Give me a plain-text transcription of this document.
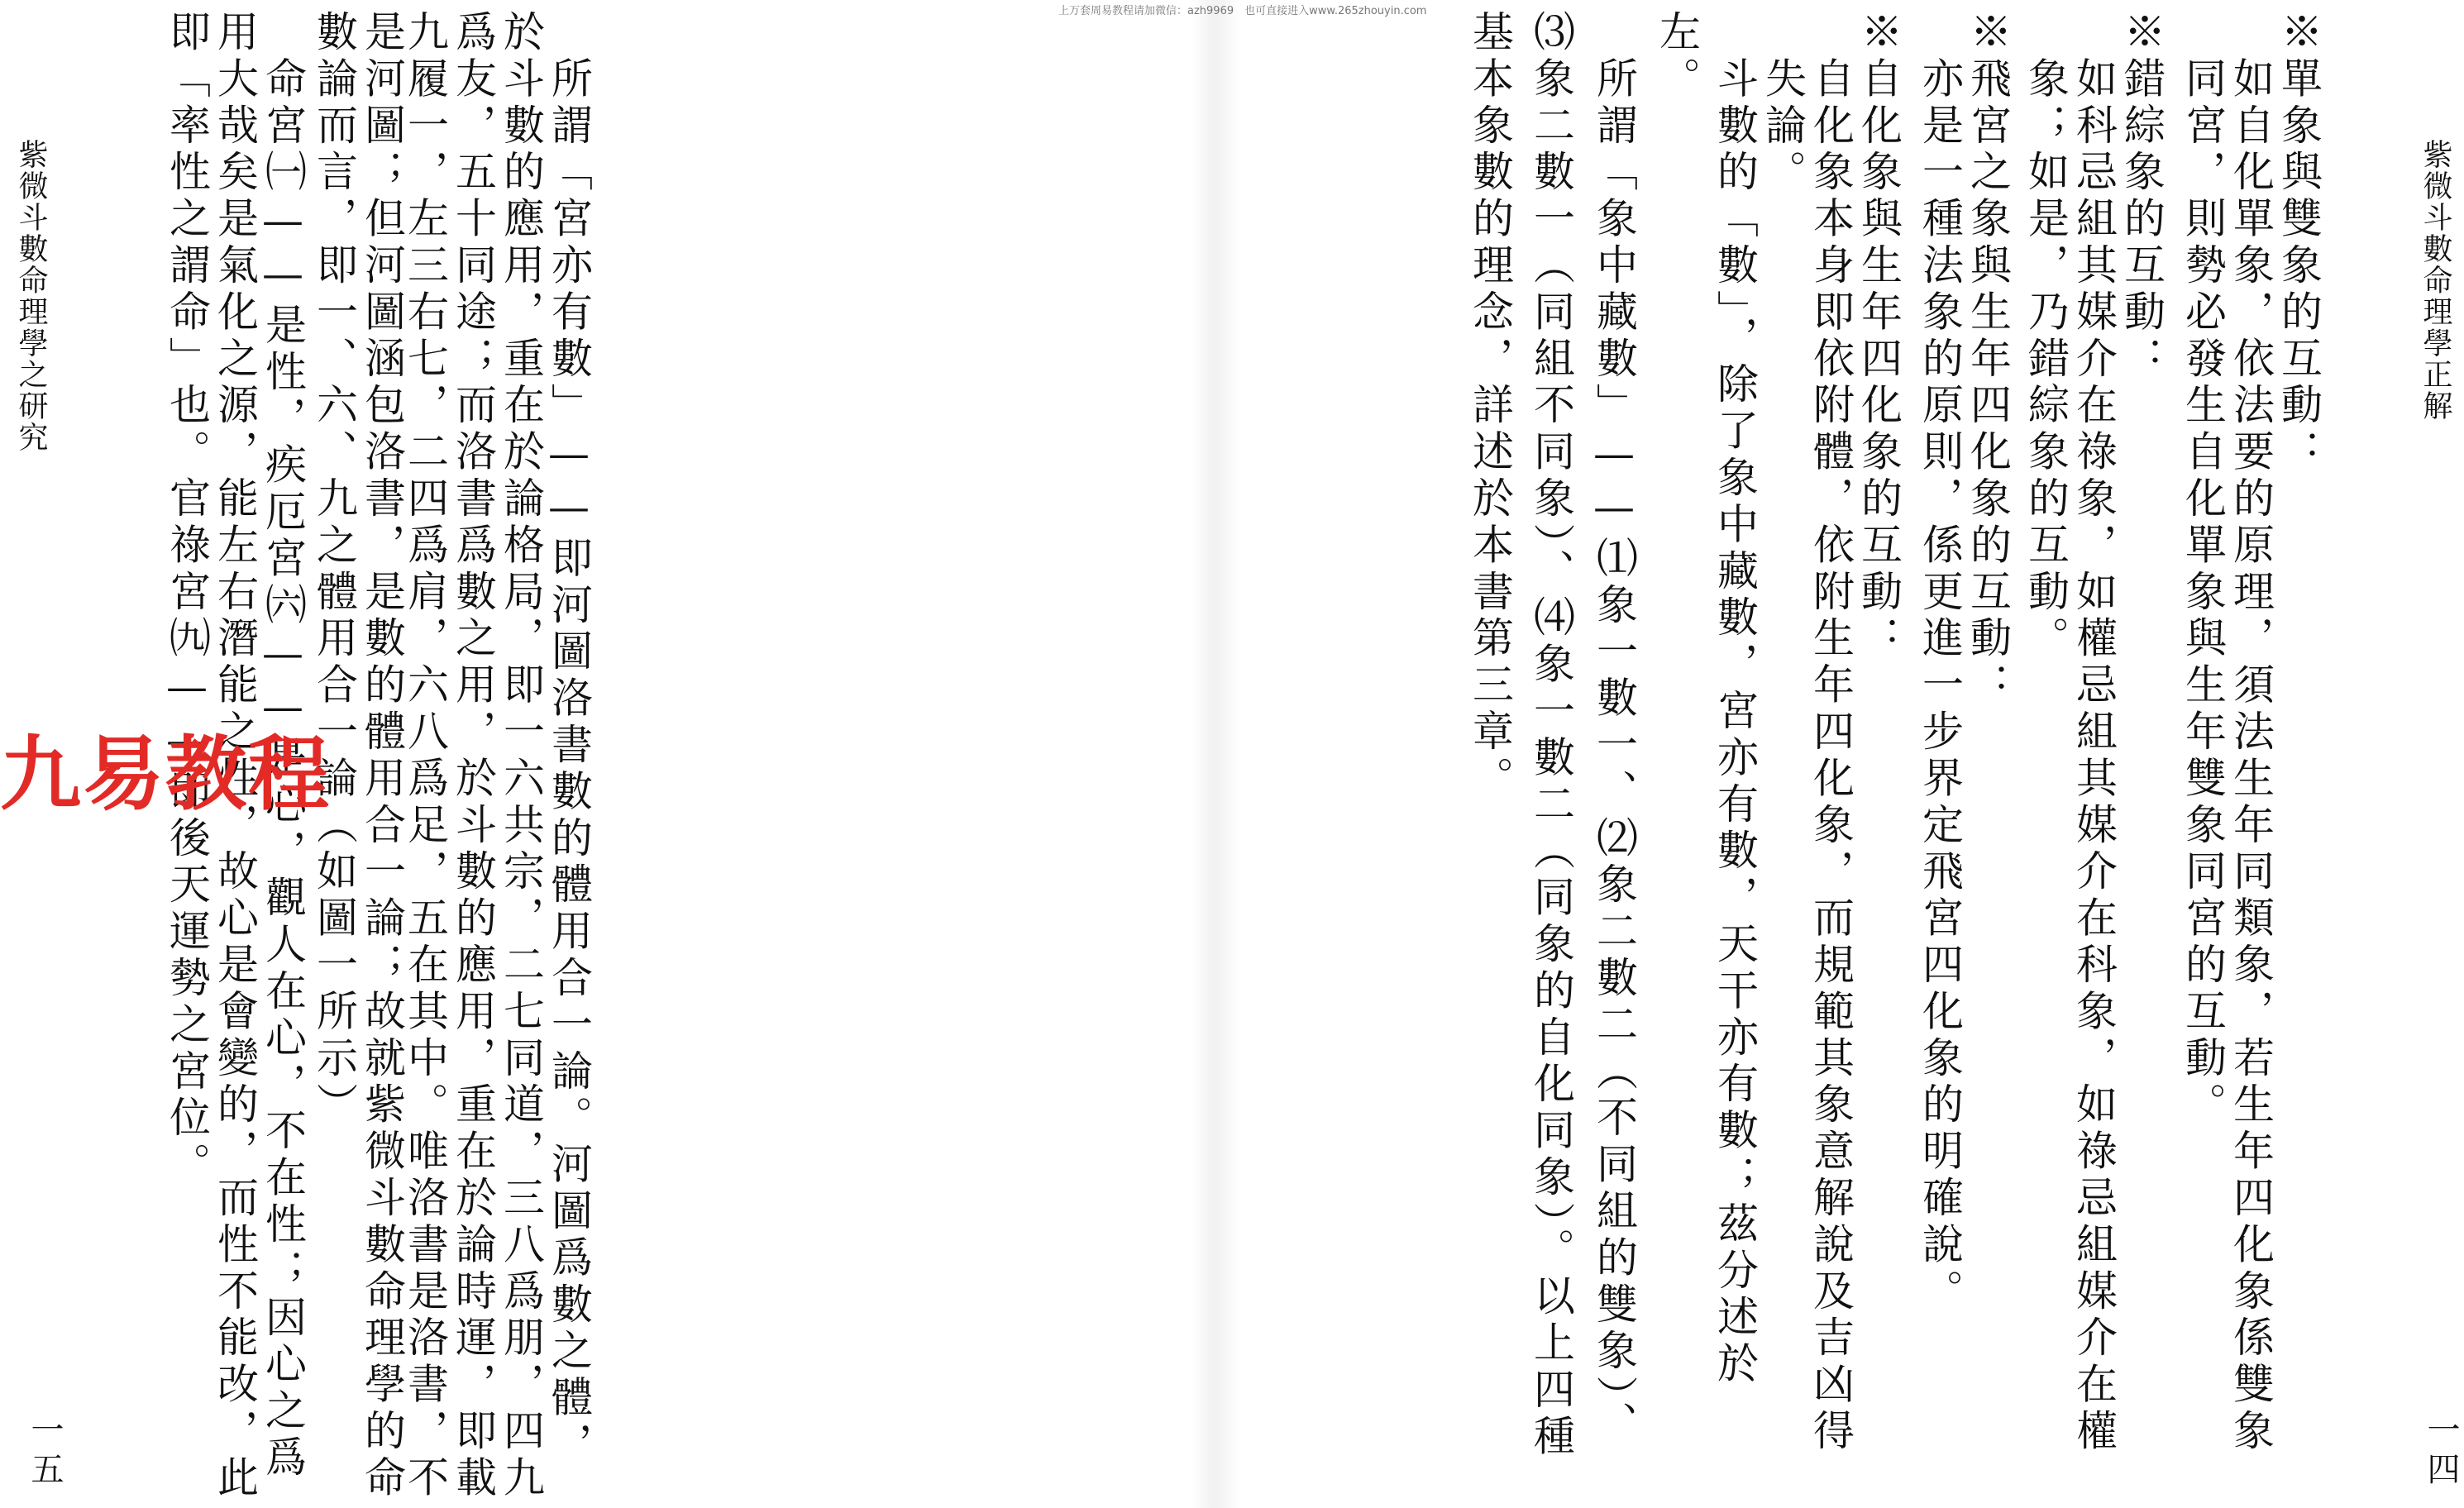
紫微斗數命理學之研究	　所謂「宮亦有數」——即河圖洛書數的體用合一論。河圖爲數之體，
於斗數的應用，重在於論格局，即一六共宗，二七同道，三八爲朋，四九
爲友，五十同途；而洛書爲數之用，於斗數的應用，重在於論時運，即載
九履一，左三右七，二四爲肩，六八爲足，五在其中。唯洛書是洛書，不
是河圖；但河圖涵包洛書，是數的體用合一論；故就紫微斗數命理學的命
數論而言，即一、六、九之體用合一論（如圖一所示）
　命宮㈠——是性，疾厄宮㈥——是心，觀人在心，不在性；因心之爲
用大哉矣是氣化之源，能左右潛能之性，故心是會變的，而性不能改，此
即「率性之謂命」也。官祿宮㈨——即後天運勢之宮位。
一五
上万套周易教程请加微信：azh9969　也可直接进入www.265zhouyin.com	※單象與雙象的互動：
　如自化單象，依法要的原理，須法生年同類象，若生年四化象係雙象
　同宮，則勢必發生自化單象與生年雙象同宮的互動。
※錯綜象的互動：
　如科忌組其媒介在祿象，如權忌組其媒介在科象，如祿忌組媒介在權
　象；如是，乃錯綜象的互動。
※飛宮之象與生年四化象的互動：
　亦是一種法象的原則，係更進一步界定飛宮四化象的明確說。
※自化象與生年四化象的互動：
　自化象本身即依附體，依附生年四化象，而規範其象意解說及吉凶得
　失論。
　斗數的「數」，除了象中藏數，宮亦有數，天干亦有數；茲分述於
左。
　所謂「象中藏數」——⑴象一數一、⑵象二數二（不同組的雙象）、
⑶象二數一（同組不同象）、⑷象一數二（同象的自化同象）。以上四種
基本象數的理念，詳述於本書第三章。	紫微斗數命理學正解
一四
九易教程
